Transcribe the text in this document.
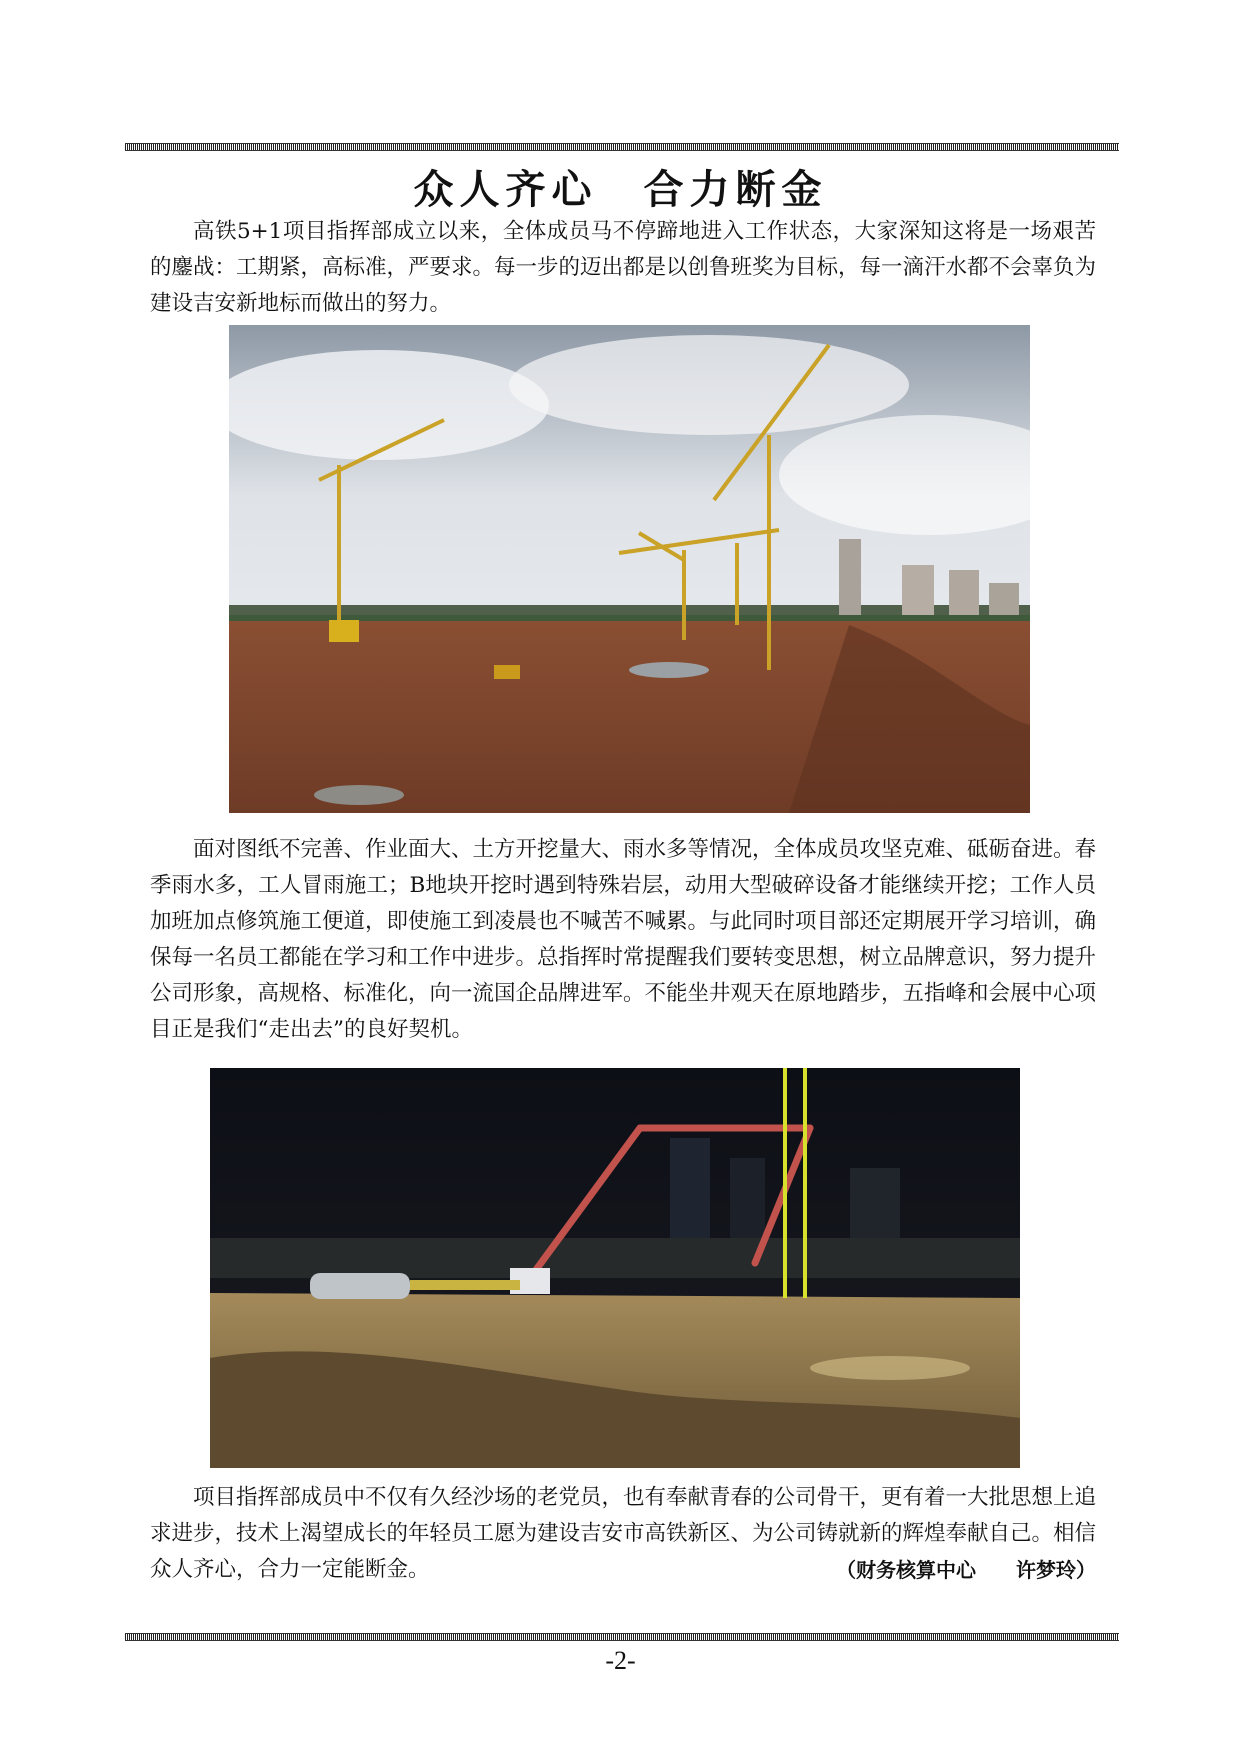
众人齐心　合力断金

高铁5+1项目指挥部成立以来，全体成员马不停蹄地进入工作状态，大家深知这将是一场艰苦的鏖战：工期紧，高标准，严要求。每一步的迈出都是以创鲁班奖为目标，每一滴汗水都不会辜负为建设吉安新地标而做出的努力。

面对图纸不完善、作业面大、土方开挖量大、雨水多等情况，全体成员攻坚克难、砥砺奋进。春季雨水多，工人冒雨施工；B地块开挖时遇到特殊岩层，动用大型破碎设备才能继续开挖；工作人员加班加点修筑施工便道，即使施工到凌晨也不喊苦不喊累。与此同时项目部还定期展开学习培训，确保每一名员工都能在学习和工作中进步。总指挥时常提醒我们要转变思想，树立品牌意识，努力提升公司形象，高规格、标准化，向一流国企品牌进军。不能坐井观天在原地踏步，五指峰和会展中心项目正是我们“走出去”的良好契机。

项目指挥部成员中不仅有久经沙场的老党员，也有奉献青春的公司骨干，更有着一大批思想上追求进步，技术上渴望成长的年轻员工愿为建设吉安市高铁新区、为公司铸就新的辉煌奉献自己。相信众人齐心，合力一定能断金。	（财务核算中心　　许梦玲）

-2-
